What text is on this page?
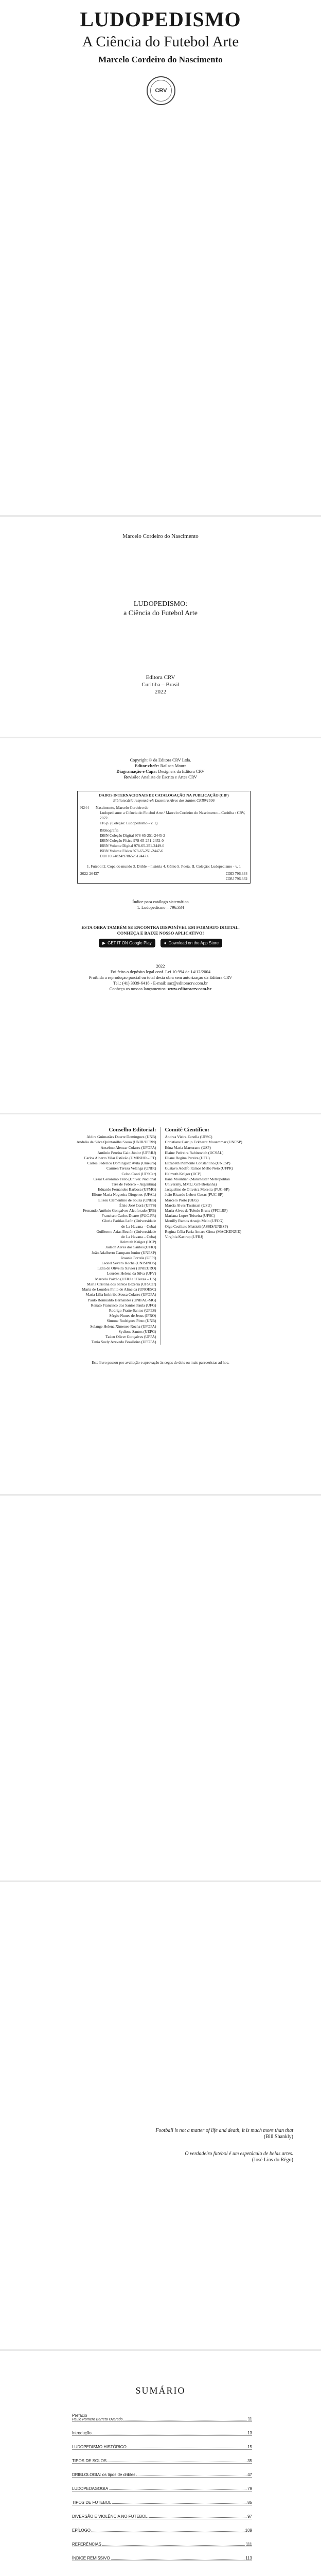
LUDOPEDISMO
A Ciência do Futebol Arte
Marcelo Cordeiro do Nascimento
CRV
Marcelo Cordeiro do Nascimento
LUDOPEDISMO:
a Ciência do Futebol Arte
Editora CRV
Curitiba – Brasil
2022
Copyright © da Editora CRV Ltda.
Editor-chefe: Railson Moura
Diagramação e Capa: Designers da Editora CRV
Revisão: Analista de Escrita e Artes CRV
DADOS INTERNACIONAIS DE CATALOGAÇÃO NA PUBLICAÇÃO (CIP)
Bibliotecária responsável: Luzenira Alves dos Santos CRB9/1506
N244	Nascimento, Marcelo Cordeiro do
Ludopedismo: a Ciência do Futebol Arte / Marcelo Cordeiro do Nascimento – Curitiba : CRV, 2022.
116 p. (Coleção: Ludopedismo - v. 1)
Bibliografia
ISBN Coleção Digital 978-65-251-2445-2
ISBN Coleção Física 978-65-251-2452-0
ISBN Volume Digital 978-65-251-2449-0
ISBN Volume Físico 978-65-251-2447-6
DOI 10.24824/978652512447.6
1. Futebol 2. Copa do mundo 3. Drible – história 4. Gênio 5. Poeta. II. Coleção: Ludopedismo - v. 1
2022-26437	CDD 796.334
CDU 796.332
Índice para catálogo sistemático
1. Ludopedismo – 796.334
ESTA OBRA TAMBÉM SE ENCONTRA DISPONÍVEL EM FORMATO DIGITAL.
CONHEÇA E BAIXE NOSSO APLICATIVO!
▶ GET IT ON Google Play
	● Download on the App Store
2022
Foi feito o depósito legal conf. Lei 10.994 de 14/12/2004
Proibida a reprodução parcial ou total desta obra sem autorização da Editora CRV
Tel.: (41) 3039-6418 - E-mail: sac@editoracrv.com.br
Conheça os nossos lançamentos: www.editoracrv.com.br
Conselho Editorial:
Aldira Guimarães Duarte Domínguez (UNB)
Andréia da Silva Quintanilha Sousa (UNIR/UFRN)
Anselmo Alencar Colares (UFOPA)
Antônio Pereira Gaio Júnior (UFRRJ)
Carlos Alberto Vilar Estêvão (UMINHO – PT)
Carlos Federico Dominguez Avila (Unieuro)
Carmen Tereza Velanga (UNIR)
Celso Conti (UFSCar)
Cesar Gerónimo Tello (Univer. Nacional
Três de Febrero – Argentina)
Eduardo Fernandes Barbosa (UFMG)
Elione Maria Nogueira Diogenes (UFAL)
Elizeu Clementino de Souza (UNEB)
Élsio José Corá (UFFS)
Fernando Antônio Gonçalves Alcoforado (IPB)
Francisco Carlos Duarte (PUC-PR)
Gloria Fariñas León (Universidade
de La Havana – Cuba)
Guillermo Arias Beatón (Universidade
de La Havana – Cuba)
Helmuth Krüger (UCP)
Jailson Alves dos Santos (UFRJ)
João Adalberto Campato Junior (UNESP)
Josania Portela (UFPI)
Leonel Severo Rocha (UNISINOS)
Lídia de Oliveira Xavier (UNIEURO)
Lourdes Helena da Silva (UFV)
Marcelo Paixão (UFRJ e UTexas – US)
Maria Cristina dos Santos Bezerra (UFSCar)
Maria de Lourdes Pinto de Almeida (UNOESC)
Maria Lília Imbiriba Sousa Colares (UFOPA)
Paulo Romualdo Hernandes (UNIFAL-MG)
Renato Francisco dos Santos Paula (UFG)
Rodrigo Pratte-Santos (UFES)
Sérgio Nunes de Jesus (IFRO)
Simone Rodrigues Pinto (UNB)
Solange Helena Ximenes-Rocha (UFOPA)
Sydione Santos (UEPG)
Tadeu Oliver Gonçalves (UFPA)
Tania Suely Azevedo Brasileiro (UFOPA)
Comitê Científico:
Andrea Vieira Zanella (UFSC)
Christiane Carrijo Eckhardt Mouammar (UNESP)
Edna Maria Marturano (USP)
Elaine Pedreira Rabinovich (UCSAL)
Eliane Regina Pereira (UFU)
Elizabeth Piemonte Constantino (UNESP)
Gustavo Adolfo Ramos Mello Neto (UFPR)
Helmuth Krüger (UCP)
Ilana Mountian (Manchester Metropolitan
University, MMU, Grã-Bretanha)
Jacqueline de Oliveira Moreira (PUC-SP)
João Ricardo Lebert Cozac (PUC-SP)
Marcelo Porto (UEG)
Marcia Alves Tassinari (USU)
Maria Alves de Toledo Bruns (FFCLRP)
Mariana Lopez Teixeira (UFSC)
Monilly Ramos Araujo Melo (UFCG)
Olga Ceciliato Mattioli (ASSIS/UNESP)
Regina Célia Faria Amaro Giora (MACKENZIE)
Virgínia Kastrup (UFRJ)
Este livro passou por avaliação e aprovação às cegas de dois ou mais pareceristas ad hoc.
Football is not a matter of life and death, it is much more than that
(Bill Shankly)
O verdadeiro futebol é um espetáculo de belas artes.
(José Lins do Rêgo)
SUMÁRIO
Prefácio
Paulo Romero Barreto Ovarado	11
Introdução	13
LUDOPEDISMO HISTÓRICO	15
TIPOS DE SOLOS	35
DRIBLOLOGIA: os tipos de dribles	47
LUDOPEDAGOGIA	79
TIPOS DE FUTEBOL	85
DIVERSÃO E VIOLÊNCIA NO FUTEBOL	97
EPÍLOGO	109
REFERÊNCIAS	111
ÍNDICE REMISSIVO	113
